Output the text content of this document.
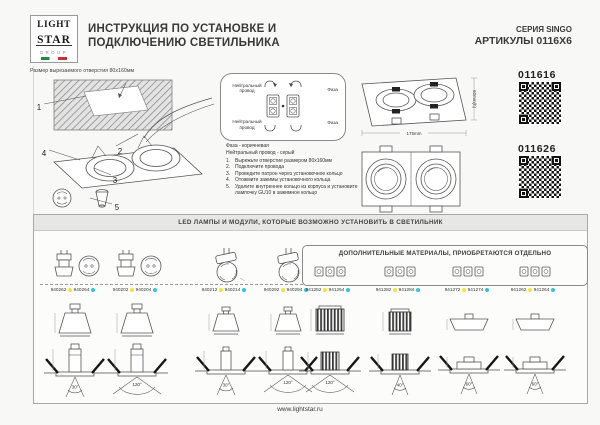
LIGHT
STAR
GROUP
ИНСТРУКЦИЯ ПО УСТАНОВКЕ И
ПОДКЛЮЧЕНИЮ СВЕТИЛЬНИКА
СЕРИЯ SINGO
АРТИКУЛЫ 0116X6
Размер вырезаемого отверстия 80х160мм
1
2
3
4
5
Нейтральный провод	Фаза
Нейтральный провод
Фаза
Фаза - коричневая
Нейтральный провод - серый
1. Вырежьте отверстие размером 80х160мм
2. Подключите провода
3. Проведите патрон через установочное кольцо
4. Отожмите зажимы установочного кольца
5. Удалите внутреннее кольцо из корпуса и установите лампочку GU10 в зажимное кольцо
175mm
92mm(h)
011616
011626
LED ЛАМПЫ И МОДУЛИ, КОТОРЫЕ ВОЗМОЖНО УСТАНОВИТЬ В СВЕТИЛЬНИК
ДОПОЛНИТЕЛЬНЫЕ МАТЕРИАЛЫ, ПРИОБРЕТАЮТСЯ ОТДЕЛЬНО
940262
940264	940202
940204	940212
940214	940292
940294 941252
941254	941282
941284	941272
941274	941262
941264
30°	120°	30°	120°	120°	40°	60°	60°
www.lightstar.ru
